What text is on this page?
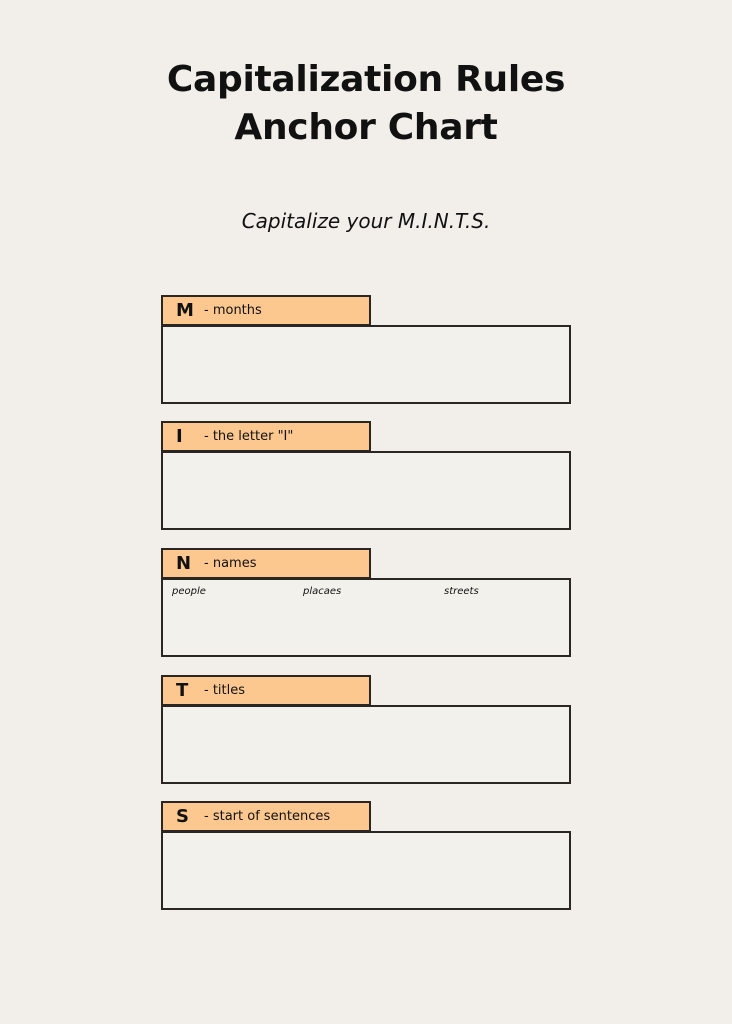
Capitalization Rules
Anchor Chart

Capitalize your M.I.N.T.S.

M - months
I	- the letter "I"
N - names
people	placaes	streets
T	- titles
S	- start of sentences
